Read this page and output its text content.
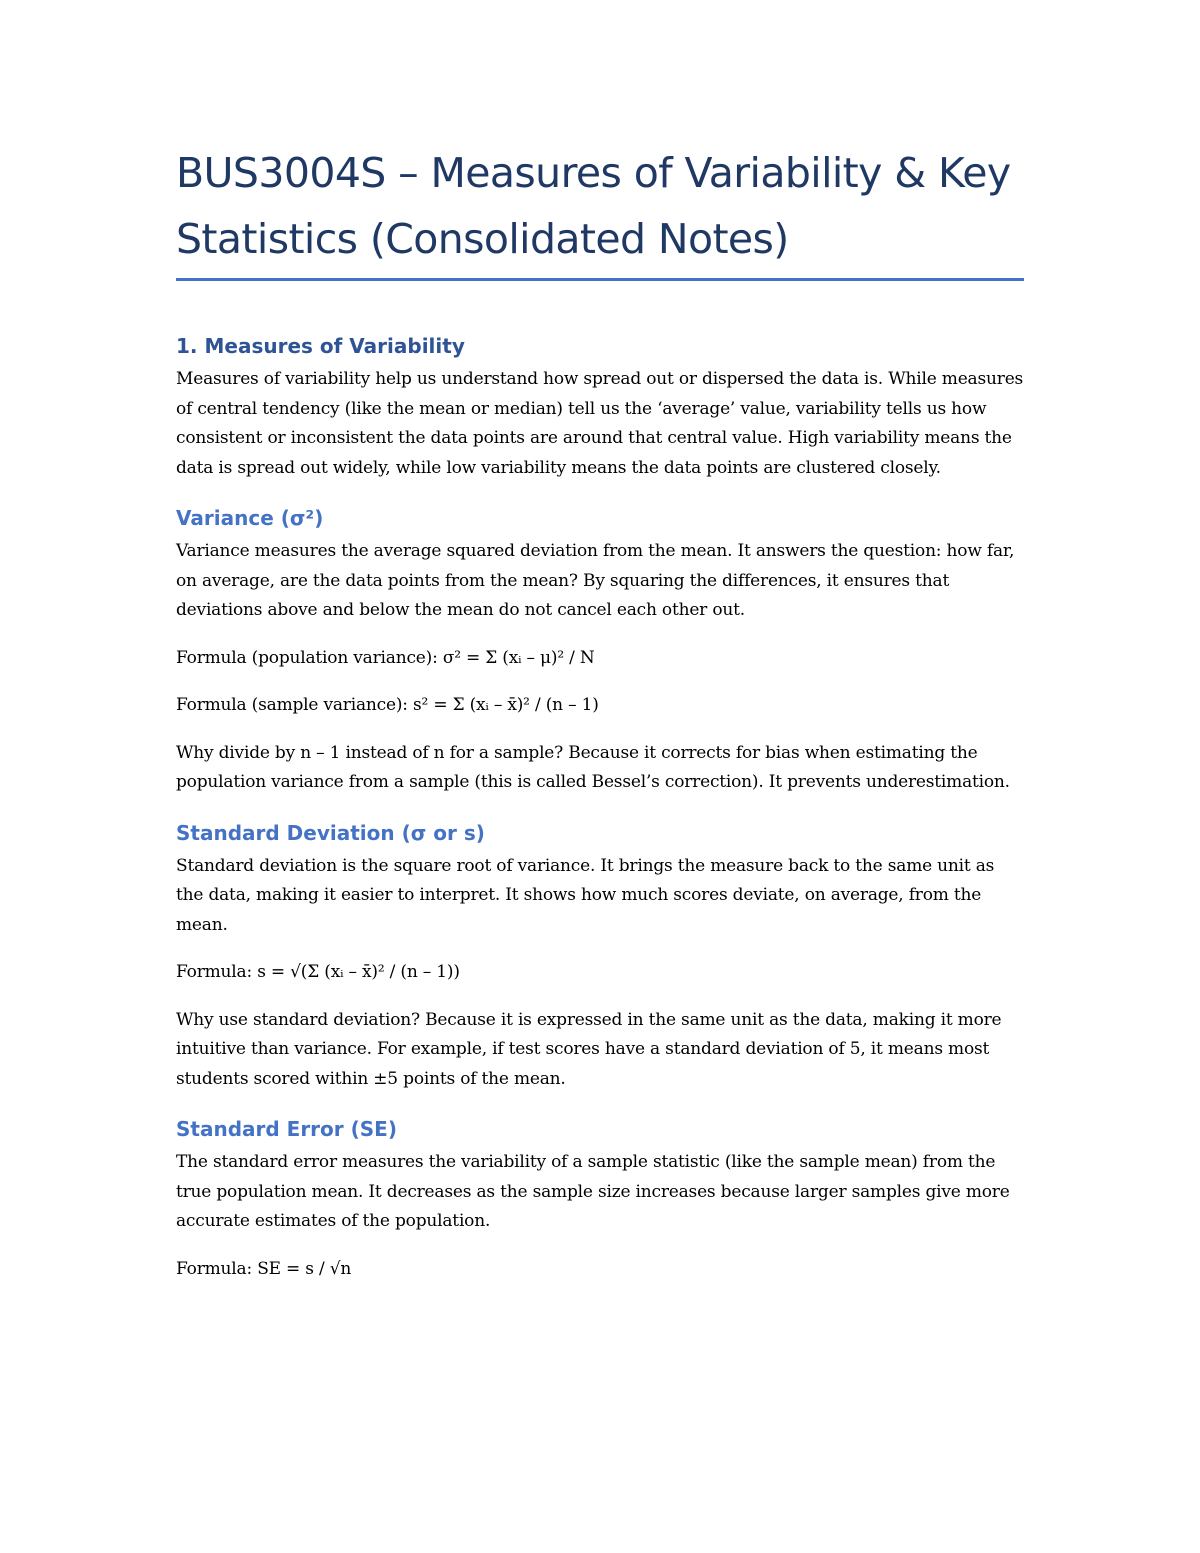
BUS3004S – Measures of Variability & Key Statistics (Consolidated Notes)
1. Measures of Variability

Measures of variability help us understand how spread out or dispersed the data is. While measures of central tendency (like the mean or median) tell us the ‘average’ value, variability tells us how consistent or inconsistent the data points are around that central value. High variability means the data is spread out widely, while low variability means the data points are clustered closely.

Variance (σ²)

Variance measures the average squared deviation from the mean. It answers the question: how far, on average, are the data points from the mean? By squaring the differences, it ensures that deviations above and below the mean do not cancel each other out.

Formula (population variance): σ² = Σ (xᵢ – μ)² / N

Formula (sample variance): s² = Σ (xᵢ – x̄)² / (n – 1)

Why divide by n – 1 instead of n for a sample? Because it corrects for bias when estimating the population variance from a sample (this is called Bessel’s correction). It prevents underestimation.

Standard Deviation (σ or s)

Standard deviation is the square root of variance. It brings the measure back to the same unit as the data, making it easier to interpret. It shows how much scores deviate, on average, from the mean.

Formula: s = √(Σ (xᵢ – x̄)² / (n – 1))

Why use standard deviation? Because it is expressed in the same unit as the data, making it more intuitive than variance. For example, if test scores have a standard deviation of 5, it means most students scored within ±5 points of the mean.

Standard Error (SE)

The standard error measures the variability of a sample statistic (like the sample mean) from the true population mean. It decreases as the sample size increases because larger samples give more accurate estimates of the population.

Formula: SE = s / √n
